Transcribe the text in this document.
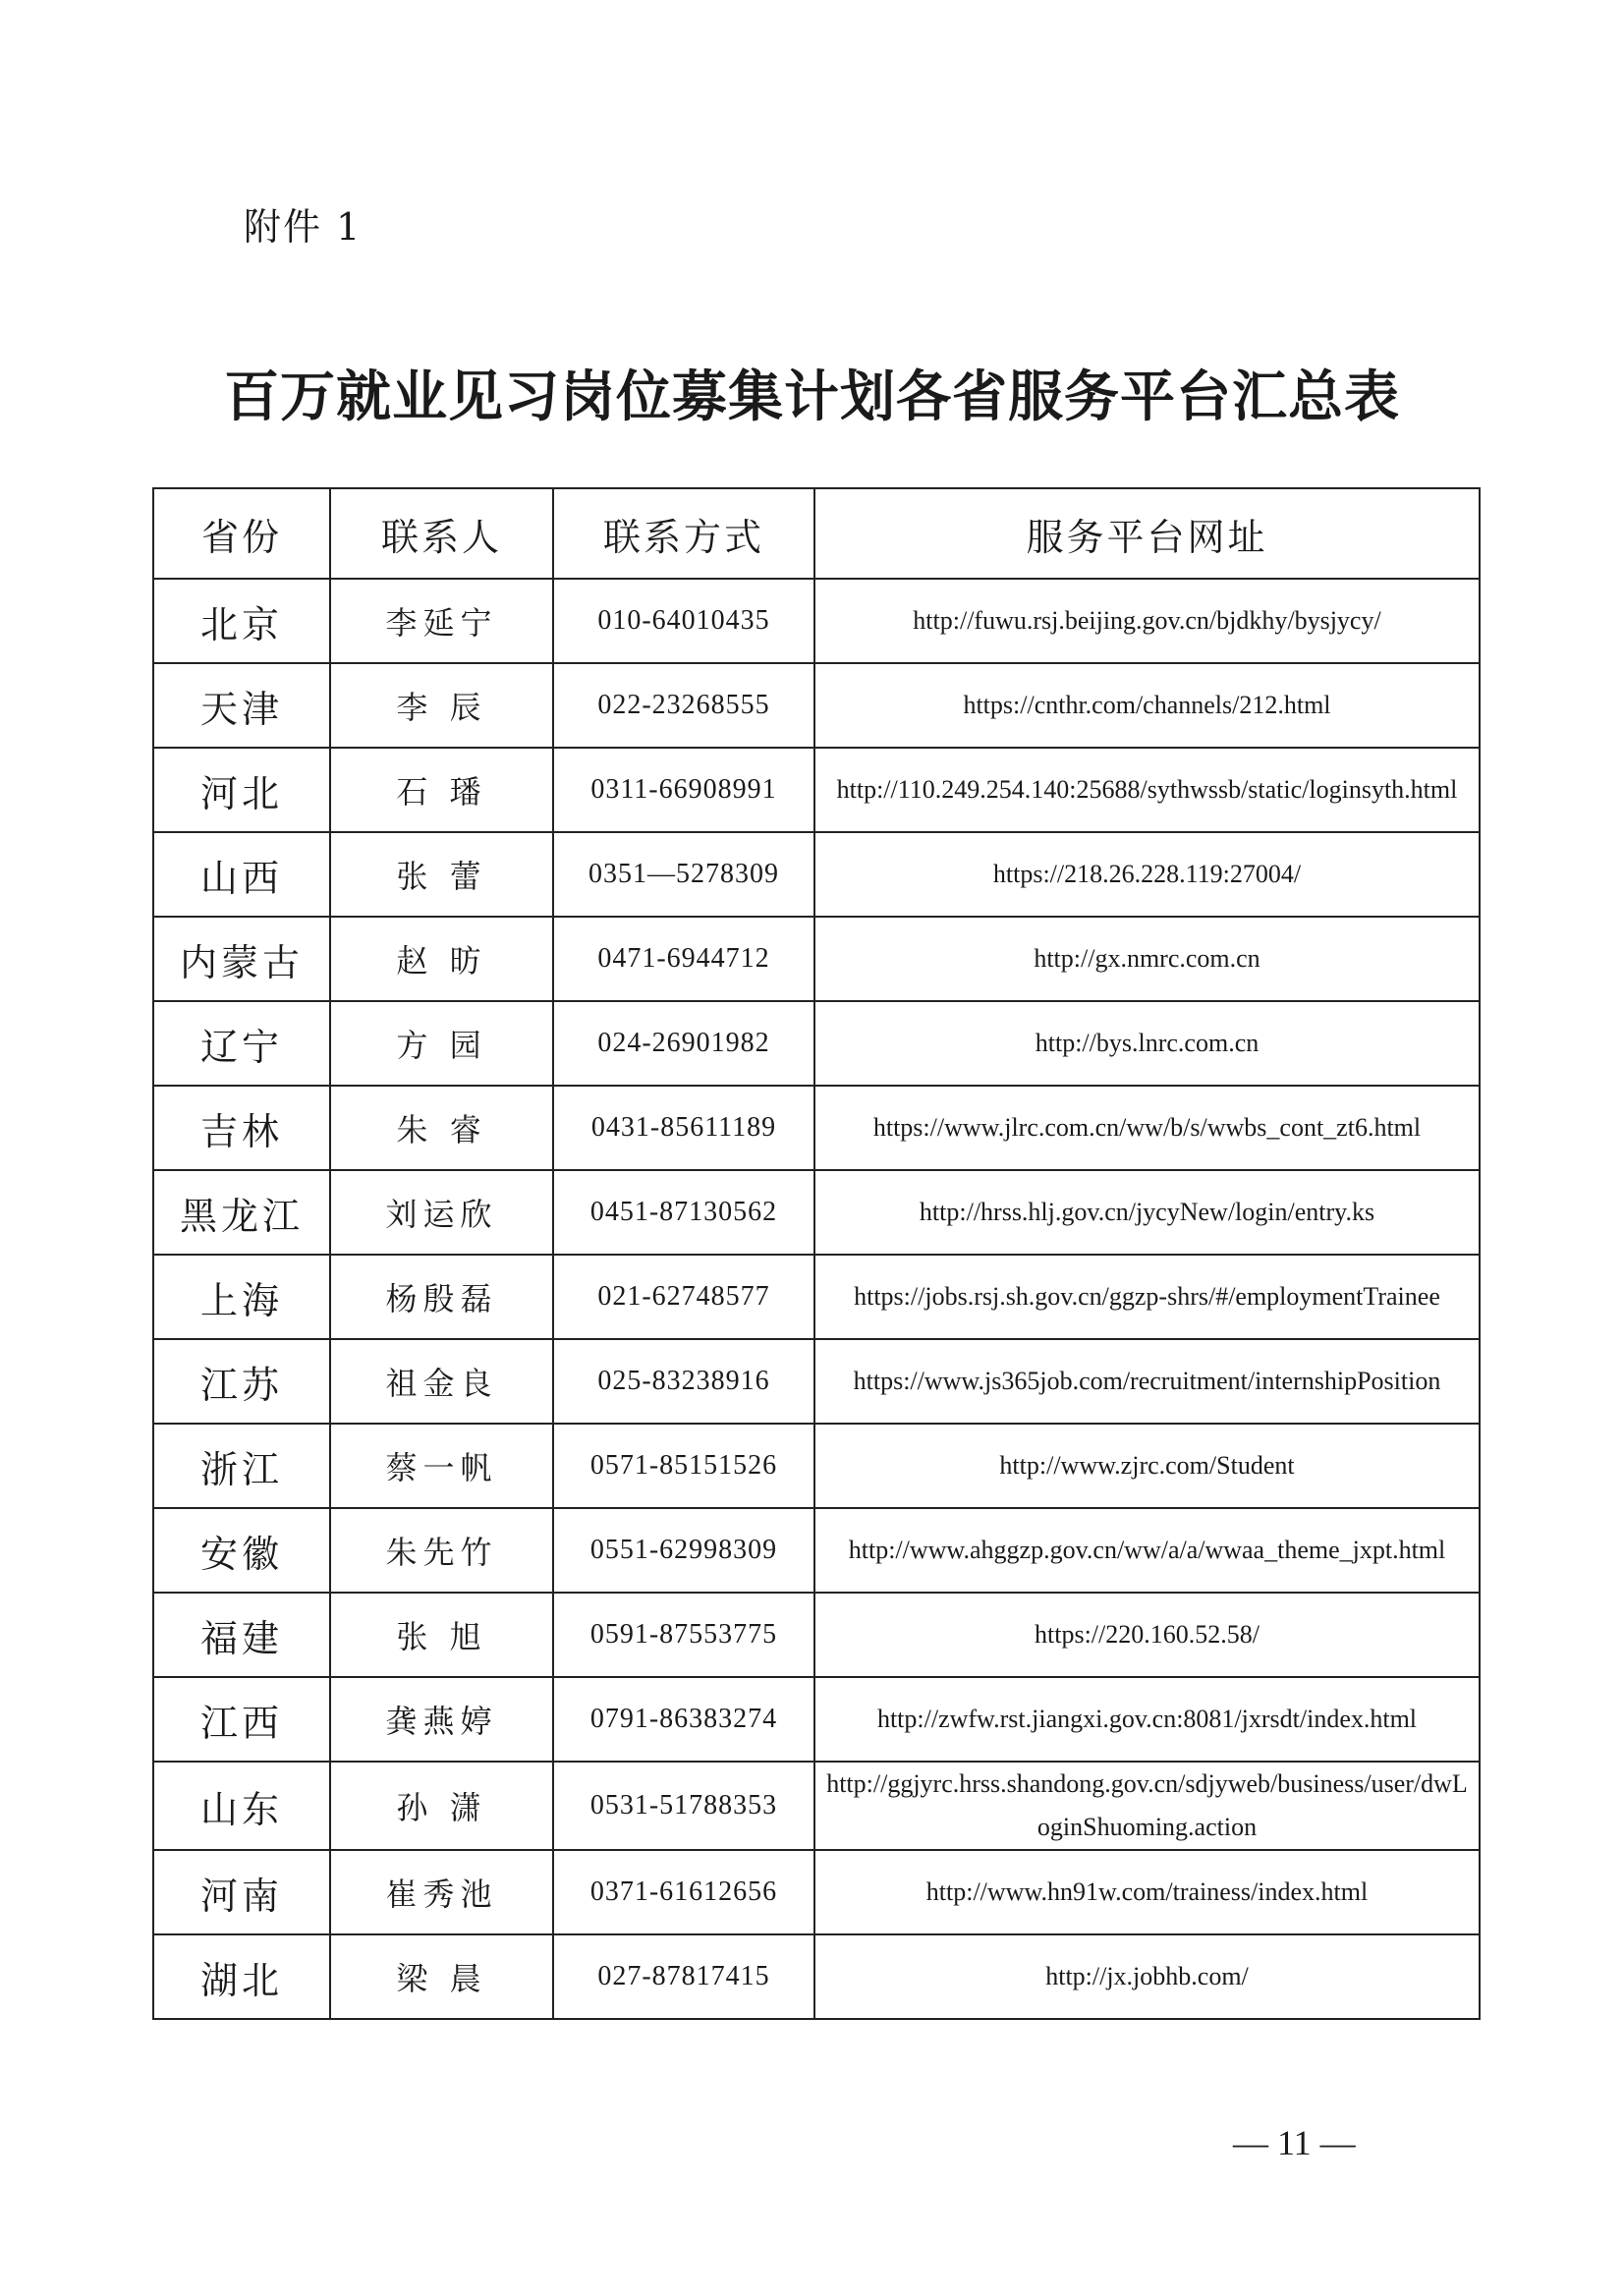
附件 1
百万就业见习岗位募集计划各省服务平台汇总表
省份	联系人	联系方式	服务平台网址
北京	李延宁	010-64010435	http://fuwu.rsj.beijing.gov.cn/bjdkhy/bysjycy/
天津	李 辰	022-23268555	https://cnthr.com/channels/212.html
河北	石 璠	0311-66908991	http://110.249.254.140:25688/sythwssb/static/loginsyth.html
山西	张 蕾	0351—5278309	https://218.26.228.119:27004/
内蒙古	赵 昉	0471-6944712	http://gx.nmrc.com.cn
辽宁	方 园	024-26901982	http://bys.lnrc.com.cn
吉林	朱 睿	0431-85611189	https://www.jlrc.com.cn/ww/b/s/wwbs_cont_zt6.html
黑龙江	刘运欣	0451-87130562	http://hrss.hlj.gov.cn/jycyNew/login/entry.ks
上海	杨殷磊	021-62748577	https://jobs.rsj.sh.gov.cn/ggzp-shrs/#/employmentTrainee
江苏	祖金良	025-83238916	https://www.js365job.com/recruitment/internshipPosition
浙江	蔡一帆	0571-85151526	http://www.zjrc.com/Student
安徽	朱先竹	0551-62998309	http://www.ahggzp.gov.cn/ww/a/a/wwaa_theme_jxpt.html
福建	张 旭	0591-87553775	https://220.160.52.58/
江西	龚燕婷	0791-86383274	http://zwfw.rst.jiangxi.gov.cn:8081/jxrsdt/index.html
山东	孙 潇	0531-51788353	http://ggjyrc.hrss.shandong.gov.cn/sdjyweb/business/user/dwLoginShuoming.action
河南	崔秀池	0371-61612656	http://www.hn91w.com/trainess/index.html
湖北	梁 晨	027-87817415	http://jx.jobhb.com/
— 11 —
